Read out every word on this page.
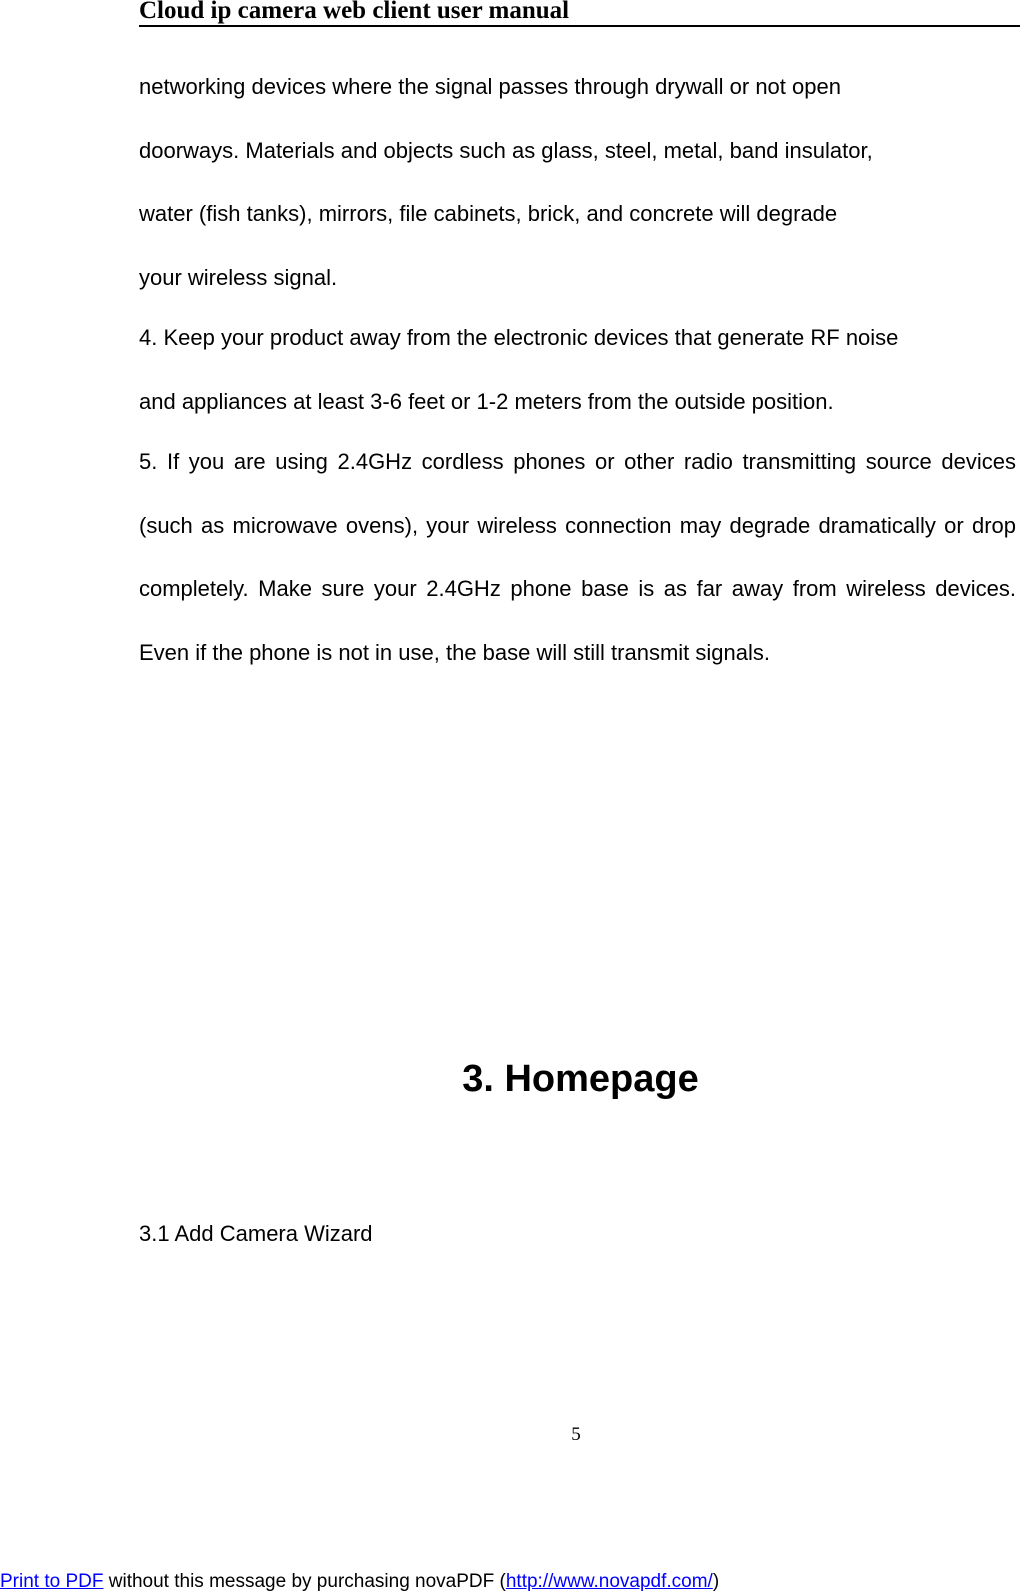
Cloud ip camera web client user manual
networking devices where the signal passes through drywall or not open
doorways. Materials and objects such as glass, steel, metal, band insulator,
water (fish tanks), mirrors, file cabinets, brick, and concrete will degrade
your wireless signal.
4. Keep your product away from the electronic devices that generate RF noise
and appliances at least 3-6 feet or 1-2 meters from the outside position.
5. If you are using 2.4GHz cordless phones or other radio transmitting source devices (such as microwave ovens), your wireless connection may degrade dramatically or drop completely. Make sure your 2.4GHz phone base is as far away from wireless devices. Even if the phone is not in use, the base will still transmit signals.
3. Homepage
3.1 Add Camera Wizard
5
Print to PDF without this message by purchasing novaPDF (http://www.novapdf.com/)
